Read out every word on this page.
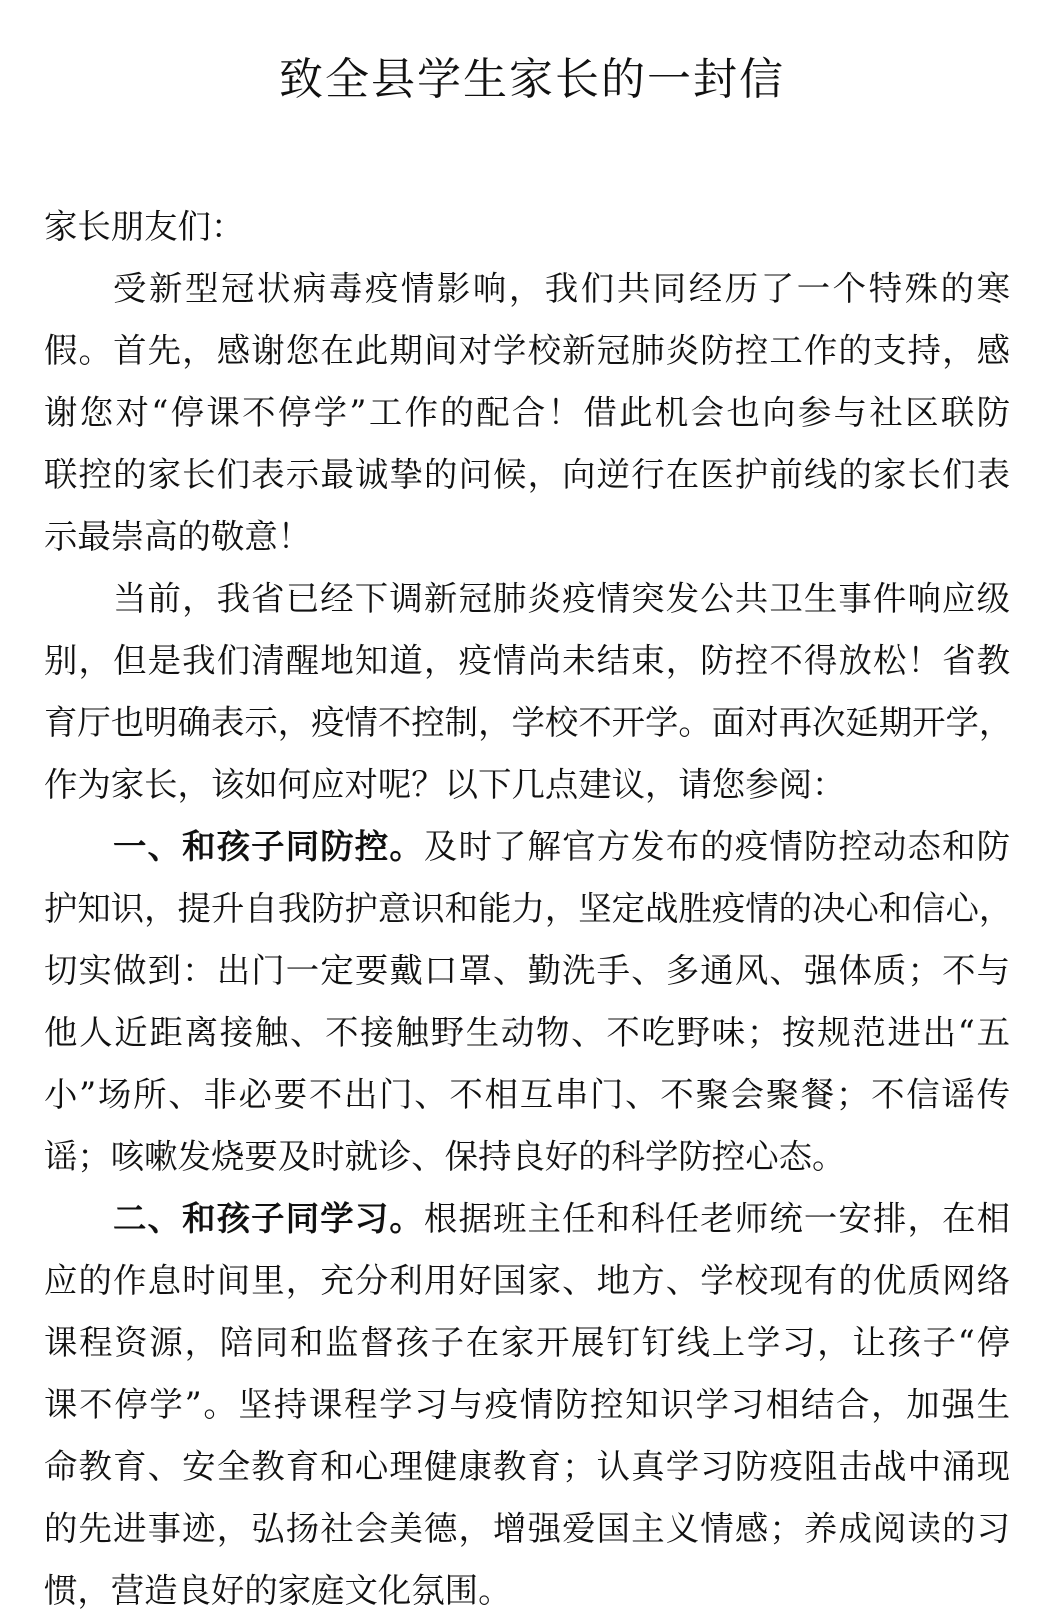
致全县学生家长的一封信

家长朋友们：

受新型冠状病毒疫情影响，我们共同经历了一个特殊的寒
假。首先，感谢您在此期间对学校新冠肺炎防控工作的支持，感
谢您对“停课不停学”工作的配合！借此机会也向参与社区联防
联控的家长们表示最诚挚的问候，向逆行在医护前线的家长们表
示最崇高的敬意！

当前，我省已经下调新冠肺炎疫情突发公共卫生事件响应级
别，但是我们清醒地知道，疫情尚未结束，防控不得放松！省教
育厅也明确表示，疫情不控制，学校不开学。面对再次延期开学，
作为家长，该如何应对呢？以下几点建议，请您参阅：

一、和孩子同防控。及时了解官方发布的疫情防控动态和防
护知识，提升自我防护意识和能力，坚定战胜疫情的决心和信心，
切实做到：出门一定要戴口罩、勤洗手、多通风、强体质；不与
他人近距离接触、不接触野生动物、不吃野味；按规范进出“五
小”场所、非必要不出门、不相互串门、不聚会聚餐；不信谣传
谣；咳嗽发烧要及时就诊、保持良好的科学防控心态。

二、和孩子同学习。根据班主任和科任老师统一安排，在相
应的作息时间里，充分利用好国家、地方、学校现有的优质网络
课程资源，陪同和监督孩子在家开展钉钉线上学习，让孩子“停
课不停学”。坚持课程学习与疫情防控知识学习相结合，加强生
命教育、安全教育和心理健康教育；认真学习防疫阻击战中涌现
的先进事迹，弘扬社会美德，增强爱国主义情感；养成阅读的习
惯，营造良好的家庭文化氛围。
